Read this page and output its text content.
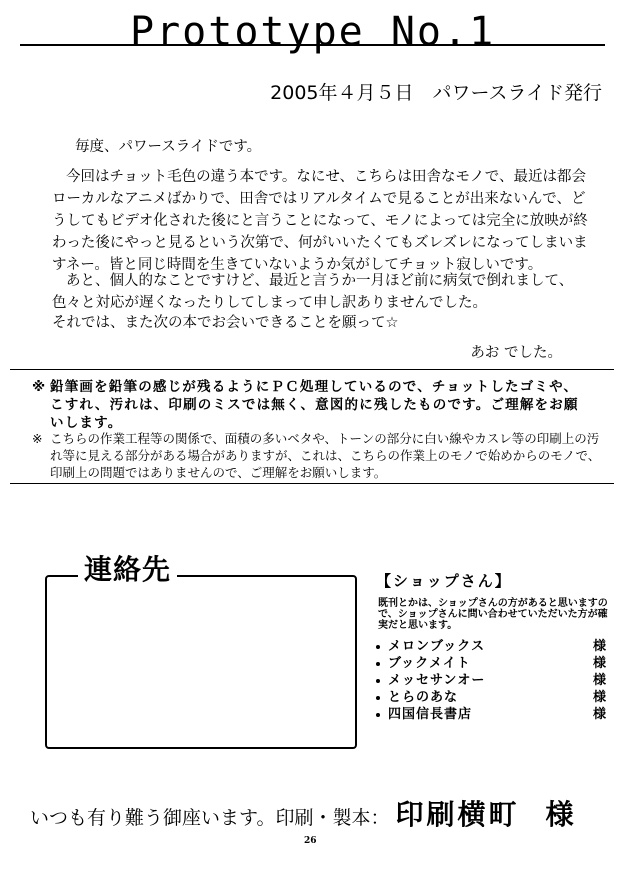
Prototype No.1
2005年４月５日　パワースライド発行
毎度、パワースライドです。
今回はチョット毛色の違う本です。なにせ、こちらは田舎なモノで、最近は都会
ローカルなアニメばかりで、田舎ではリアルタイムで見ることが出来ないんで、ど
うしてもビデオ化された後にと言うことになって、モノによっては完全に放映が終
わった後にやっと見るという次第で、何がいいたくてもズレズレになってしまいま
すネー。皆と同じ時間を生きていないようか気がしてチョット寂しいです。
あと、個人的なことですけど、最近と言うか一月ほど前に病気で倒れまして、
色々と対応が遅くなったりしてしまって申し訳ありませんでした。
それでは、また次の本でお会いできることを願って☆
あお でした。
※ 鉛筆画を鉛筆の感じが残るようにＰＣ処理しているので、チョットしたゴミや、こすれ、汚れは、印刷のミスでは無く、意図的に残したものです。ご理解をお願いします。
※ こちらの作業工程等の関係で、面積の多いベタや、トーンの部分に白い線やカスレ等の印刷上の汚れ等に見える部分がある場合がありますが、これは、こちらの作業上のモノで始めからのモノで、印刷上の問題ではありませんので、ご理解をお願いします。
連絡先	【ショップさん】
既刊とかは、ショップさんの方があると思いますので、ショップさんに問い合わせていただいた方が確実だと思います。
メロンブックス	様
ブックメイト	様
メッセサンオー	様
とらのあな	様
四国信長書店	様
いつも有り難う御座います。印刷・製本： 印刷横町 様
26
